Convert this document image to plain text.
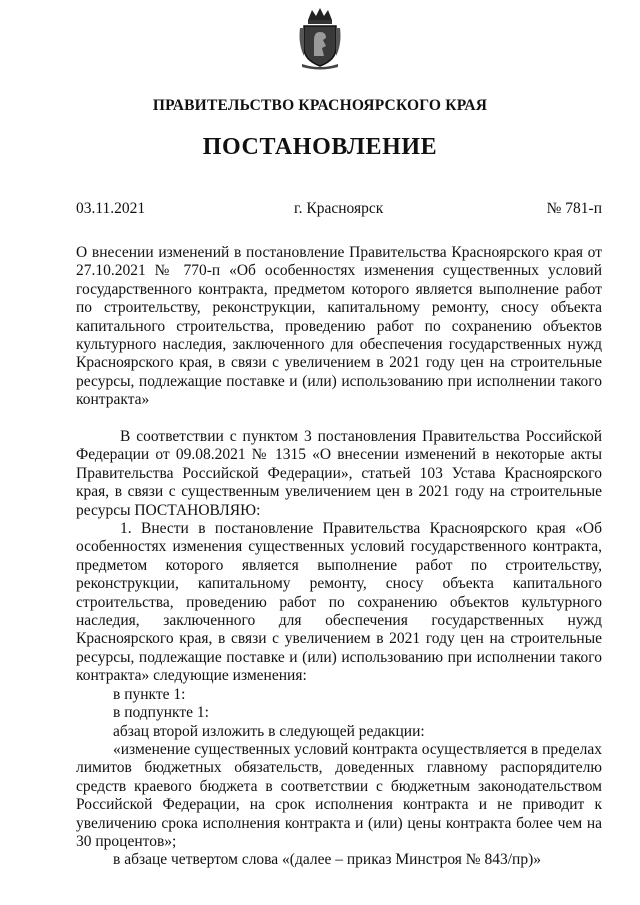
ПРАВИТЕЛЬСТВО КРАСНОЯРСКОГО КРАЯ
ПОСТАНОВЛЕНИЕ
03.11.2021	г. Красноярск	№ 781-п
О внесении изменений в постановление Правительства Красноярского края от 27.10.2021 № 770-п «Об особенностях изменения существенных условий государственного контракта, предметом которого является выполнение работ по строительству, реконструкции, капитальному ремонту, сносу объекта капитального строительства, проведению работ по сохранению объектов культурного наследия, заключенного для обеспечения государственных нужд Красноярского края, в связи с увеличением в 2021 году цен на строительные ресурсы, подлежащие поставке и (или) использованию при исполнении такого контракта»

В соответствии с пунктом 3 постановления Правительства Российской Федерации от 09.08.2021 № 1315 «О внесении изменений в некоторые акты Правительства Российской Федерации», статьей 103 Устава Красноярского края, в связи с существенным увеличением цен в 2021 году на строительные ресурсы ПОСТАНОВЛЯЮ:

1. Внести в постановление Правительства Красноярского края «Об особенностях изменения существенных условий государственного контракта, предметом которого является выполнение работ по строительству, реконструкции, капитальному ремонту, сносу объекта капитального строительства, проведению работ по сохранению объектов культурного наследия, заключенного для обеспечения государственных нужд Красноярского края, в связи с увеличением в 2021 году цен на строительные ресурсы, подлежащие поставке и (или) использованию при исполнении такого контракта» следующие изменения:

в пункте 1:

в подпункте 1:

абзац второй изложить в следующей редакции:

«изменение существенных условий контракта осуществляется в пределах лимитов бюджетных обязательств, доведенных главному распорядителю средств краевого бюджета в соответствии с бюджетным законодательством Российской Федерации, на срок исполнения контракта и не приводит к увеличению срока исполнения контракта и (или) цены контракта более чем на 30 процентов»;

в абзаце четвертом слова «(далее – приказ Минстроя № 843/пр)»
